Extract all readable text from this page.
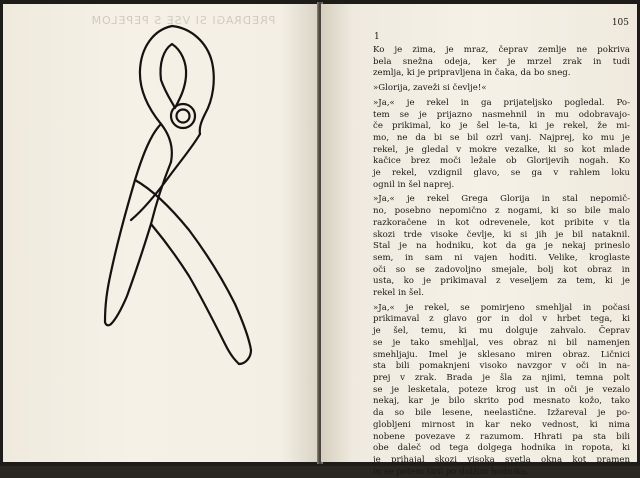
PREDRAGI SI VSE S PEPELOM	105
1
Ko je zima, je mraz, čeprav zemlje ne pokriva
bela snežna odeja, ker je mrzel zrak in tudi
zemlja, ki je pripravljena in čaka, da bo sneg.
»Glorija, zaveži si čevlje!«
»Ja,« je rekel in ga prijateljsko pogledal. Po-
tem se je prijazno nasmehnil in mu odobravajo-
če prikimal, ko je šel le-ta, ki je rekel, že mi-
mo, ne da bi se bil ozrl vanj. Najprej, ko mu je
rekel, je gledal v mokre vezalke, ki so kot mlade
kačice brez moči ležale ob Glorijevih nogah. Ko
je rekel, vzdignil glavo, se ga v rahlem loku
ognil in šel naprej.
»Ja,« je rekel Grega Glorija in stal nepomič-
no, posebno nepomično z nogami, ki so bile malo
razkoračene in kot odrevenele, kot pribite v tla
skozi trde visoke čevlje, ki si jih je bil nataknil.
Stal je na hodniku, kot da ga je nekaj prineslo
sem, in sam ni vajen hoditi. Velike, kroglaste
oči so se zadovoljno smejale, bolj kot obraz in
usta, ko je prikimaval z veseljem za tem, ki je
rekel in šel.
»Ja,« je rekel, se pomirjeno smehljal in počasi
prikimaval z glavo gor in dol v hrbet tega, ki
je šel, temu, ki mu dolguje zahvalo. Čeprav
se je tako smehljal, ves obraz ni bil namenjen
smehljaju. Imel je sklesano miren obraz. Ličnici
sta bili pomaknjeni visoko navzgor v oči in na-
prej v zrak. Brada je šla za njimi, temna polt
se je lesketala, poteze krog ust in oči je vezalo
nekaj, kar je bilo skrito pod mesnato kožo, tako
da so bile lesene, neelastične. Izžareval je po-
globljeni mirnost in kar neko vednost, ki nima
nobene povezave z razumom. Hhrati pa sta bili
obe daleč od tega dolgega hodnika in ropota, ki
je prihajal skozi visoka svetla okna kot pramen
in se potem širil po dolžini hodnika.
